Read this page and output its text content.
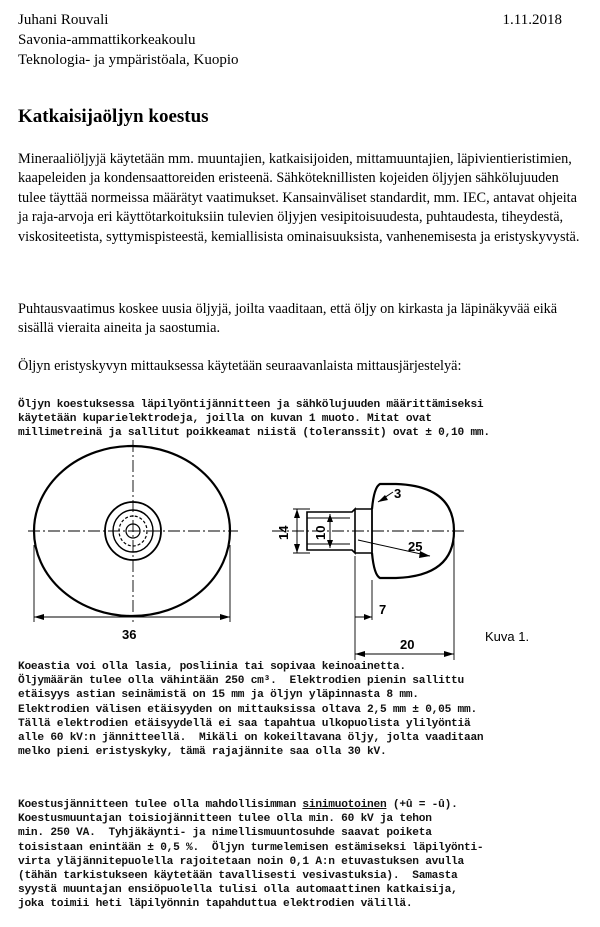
Juhani Rouvali
Savonia-ammattikorkeakoulu
Teknologia- ja ympäristöala, Kuopio
1.11.2018
Katkaisijaöljyn koestus

Mineraaliöljyjä käytetään mm. muuntajien, katkaisijoiden, mittamuuntajien, läpivientieristimien, kaapeleiden ja kondensaattoreiden eristeenä. Sähköteknillisten kojeiden öljyjen sähkölujuuden tulee täyttää normeissa määrätyt vaatimukset. Kansainväliset standardit, mm. IEC, antavat ohjeita ja raja-arvoja eri käyttötarkoituksiin tulevien öljyjen vesipitoisuudesta, puhtaudesta, tiheydestä, viskositeetista, syttymispisteestä, kemiallisista ominaisuuksista, vanhenemisesta ja eristyskyvystä.

Puhtausvaatimus koskee uusia öljyjä, joilta vaaditaan, että öljy on kirkasta ja läpinäkyvää eikä sisällä vieraita aineita ja saostumia.

Öljyn eristyskyvyn mittauksessa käytetään seuraavanlaista mittausjärjestelyä:

Öljyn koestuksessa läpilyöntijännitteen ja sähkölujuuden määrittämiseksi
käytetään kuparielektrodeja, joilla on kuvan 1 muoto. Mitat ovat
millimetreinä ja sallitut poikkeamat niistä (toleranssit) ovat ± 0,10 mm.
36
14 10
3
25
7
20
Kuva 1.
Koeastia voi olla lasia, posliinia tai sopivaa keinoainetta.
Öljymäärän tulee olla vähintään 250 cm³.  Elektrodien pienin sallittu
etäisyys astian seinämistä on 15 mm ja öljyn yläpinnasta 8 mm.
Elektrodien välisen etäisyyden on mittauksissa oltava 2,5 mm ± 0,05 mm.
Tällä elektrodien etäisyydellä ei saa tapahtua ulkopuolista ylilyöntiä
alle 60 kV:n jännitteellä.  Mikäli on kokeiltavana öljy, jolta vaaditaan
melko pieni eristyskyky, tämä rajajännite saa olla 30 kV.
Koestusjännitteen tulee olla mahdollisimman sinimuotoinen (+û = -û).
Koestusmuuntajan toisiojännitteen tulee olla min. 60 kV ja tehon
min. 250 VA.  Tyhjäkäynti- ja nimellismuuntosuhde saavat poiketa
toisistaan enintään ± 0,5 %.  Öljyn turmelemisen estämiseksi läpilyönti-
virta yläjännitepuolella rajoitetaan noin 0,1 A:n etuvastuksen avulla
(tähän tarkistukseen käytetään tavallisesti vesivastuksia).  Samasta
syystä muuntajan ensiöpuolella tulisi olla automaattinen katkaisija,
joka toimii heti läpilyönnin tapahduttua elektrodien välillä.
